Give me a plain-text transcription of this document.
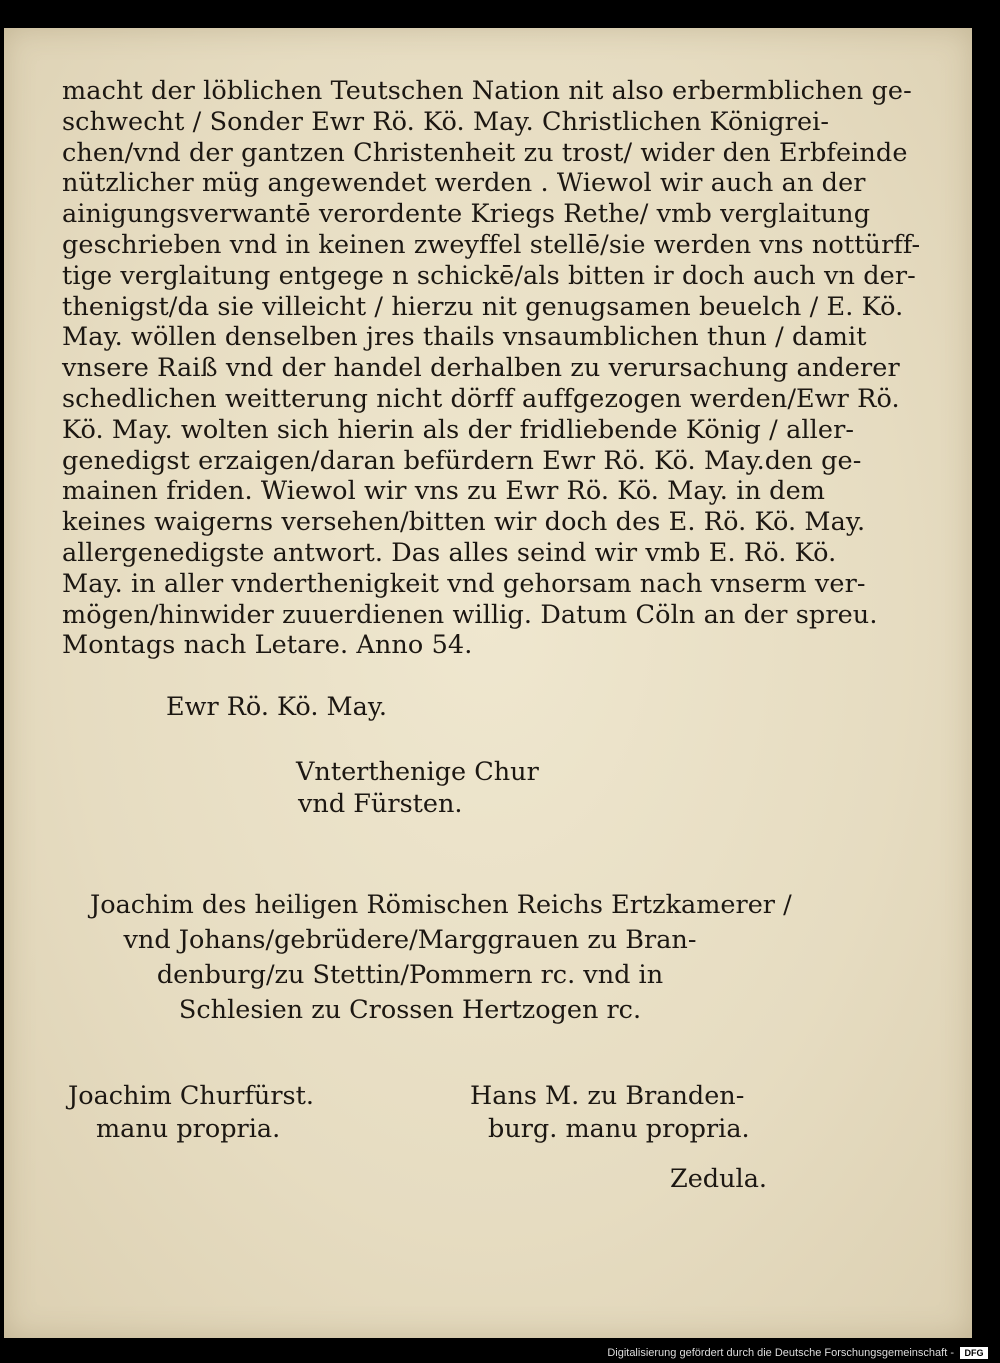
macht der löblichen Teutschen Nation nit also erbermblichen ge-
schwecht / Sonder Ewr Rö. Kö. May. Christlichen Königrei-
chen/vnd der gantzen Christenheit zu trost/ wider den Erbfeinde
nützlicher müg angewendet werden . Wiewol wir auch an der
ainigungsverwantē verordente Kriegs Rethe/ vmb verglaitung
geschrieben vnd in keinen zweyffel stellē/sie werden vns nottürff-
tige verglaitung entgege n schickē/als bitten ir doch auch vn der-
thenigst/da sie villeicht / hierzu nit genugsamen beuelch / E. Kö.
May. wöllen denselben jres thails vnsaumblichen thun / damit
vnsere Raiß vnd der handel derhalben zu verursachung anderer
schedlichen weitterung nicht dörff auffgezogen werden/Ewr Rö.
Kö. May. wolten sich hierin als der fridliebende König / aller-
genedigst erzaigen/daran befürdern Ewr Rö. Kö. May.den ge-
mainen friden. Wiewol wir vns zu Ewr Rö. Kö. May. in dem
keines waigerns versehen/bitten wir doch des E. Rö. Kö. May.
allergenedigste antwort. Das alles seind wir vmb E. Rö. Kö.
May. in aller vnderthenigkeit vnd gehorsam nach vnserm ver-
mögen/hinwider zuuerdienen willig. Datum Cöln an der spreu.
Montags nach Letare. Anno 54.
Ewr Rö. Kö. May.
Vnterthenige Chur
vnd Fürsten.
Joachim des heiligen Römischen Reichs Ertzkamerer /
vnd Johans/gebrüdere/Marggrauen zu Bran-
denburg/zu Stettin/Pommern rc. vnd in
Schlesien zu Crossen Hertzogen rc.
Joachim Churfürst.
manu propria.
Hans M. zu Branden-
burg. manu propria.
Zedula.
Digitalisierung gefördert durch die Deutsche Forschungsgemeinschaft -	DFG
